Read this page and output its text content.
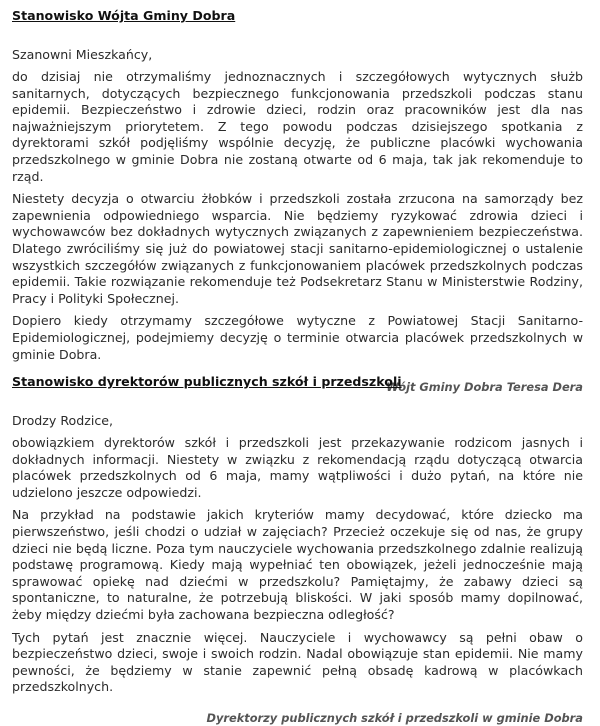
Stanowisko Wójta Gminy Dobra

Szanowni Mieszkańcy,

do dzisiaj nie otrzymaliśmy jednoznacznych i szczegółowych wytycznych służb sanitarnych, dotyczących bezpiecznego funkcjonowania przedszkoli podczas stanu epidemii. Bezpieczeństwo i zdrowie dzieci, rodzin oraz pracowników jest dla nas najważniejszym priorytetem. Z tego powodu podczas dzisiejszego spotkania z dyrektorami szkół podjęliśmy wspólnie decyzję, że publiczne placówki wychowania przedszkolnego w gminie Dobra nie zostaną otwarte od 6 maja, tak jak rekomenduje to rząd.

Niestety decyzja o otwarciu żłobków i przedszkoli została zrzucona na samorządy bez zapewnienia odpowiedniego wsparcia. Nie będziemy ryzykować zdrowia dzieci i wychowawców bez dokładnych wytycznych związanych z zapewnieniem bezpieczeństwa. Dlatego zwróciliśmy się już do powiatowej stacji sanitarno-epidemiologicznej o ustalenie wszystkich szczegółów związanych z funkcjonowaniem placówek przedszkolnych podczas epidemii. Takie rozwiązanie rekomenduje też Podsekretarz Stanu w Ministerstwie Rodziny, Pracy i Polityki Społecznej.

Dopiero kiedy otrzymamy szczegółowe wytyczne z Powiatowej Stacji Sanitarno-Epidemiologicznej, podejmiemy decyzję o terminie otwarcia placówek przedszkolnych w gminie Dobra.

Wójt Gminy Dobra Teresa Dera

Stanowisko dyrektorów publicznych szkół i przedszkoli

Drodzy Rodzice,

obowiązkiem dyrektorów szkół i przedszkoli jest przekazywanie rodzicom jasnych i dokładnych informacji. Niestety w związku z rekomendacją rządu dotyczącą otwarcia placówek przedszkolnych od 6 maja, mamy wątpliwości i dużo pytań, na które nie udzielono jeszcze odpowiedzi.

Na przykład na podstawie jakich kryteriów mamy decydować, które dziecko ma pierwszeństwo, jeśli chodzi o udział w zajęciach? Przecież oczekuje się od nas, że grupy dzieci nie będą liczne. Poza tym nauczyciele wychowania przedszkolnego zdalnie realizują podstawę programową. Kiedy mają wypełniać ten obowiązek, jeżeli jednocześnie mają sprawować opiekę nad dziećmi w przedszkolu? Pamiętajmy, że zabawy dzieci są spontaniczne, to naturalne, że potrzebują bliskości. W jaki sposób mamy dopilnować, żeby między dziećmi była zachowana bezpieczna odległość?

Tych pytań jest znacznie więcej. Nauczyciele i wychowawcy są pełni obaw o bezpieczeństwo dzieci, swoje i swoich rodzin. Nadal obowiązuje stan epidemii. Nie mamy pewności, że będziemy w stanie zapewnić pełną obsadę kadrową w placówkach przedszkolnych.

Dyrektorzy publicznych szkół i przedszkoli w gminie Dobra
